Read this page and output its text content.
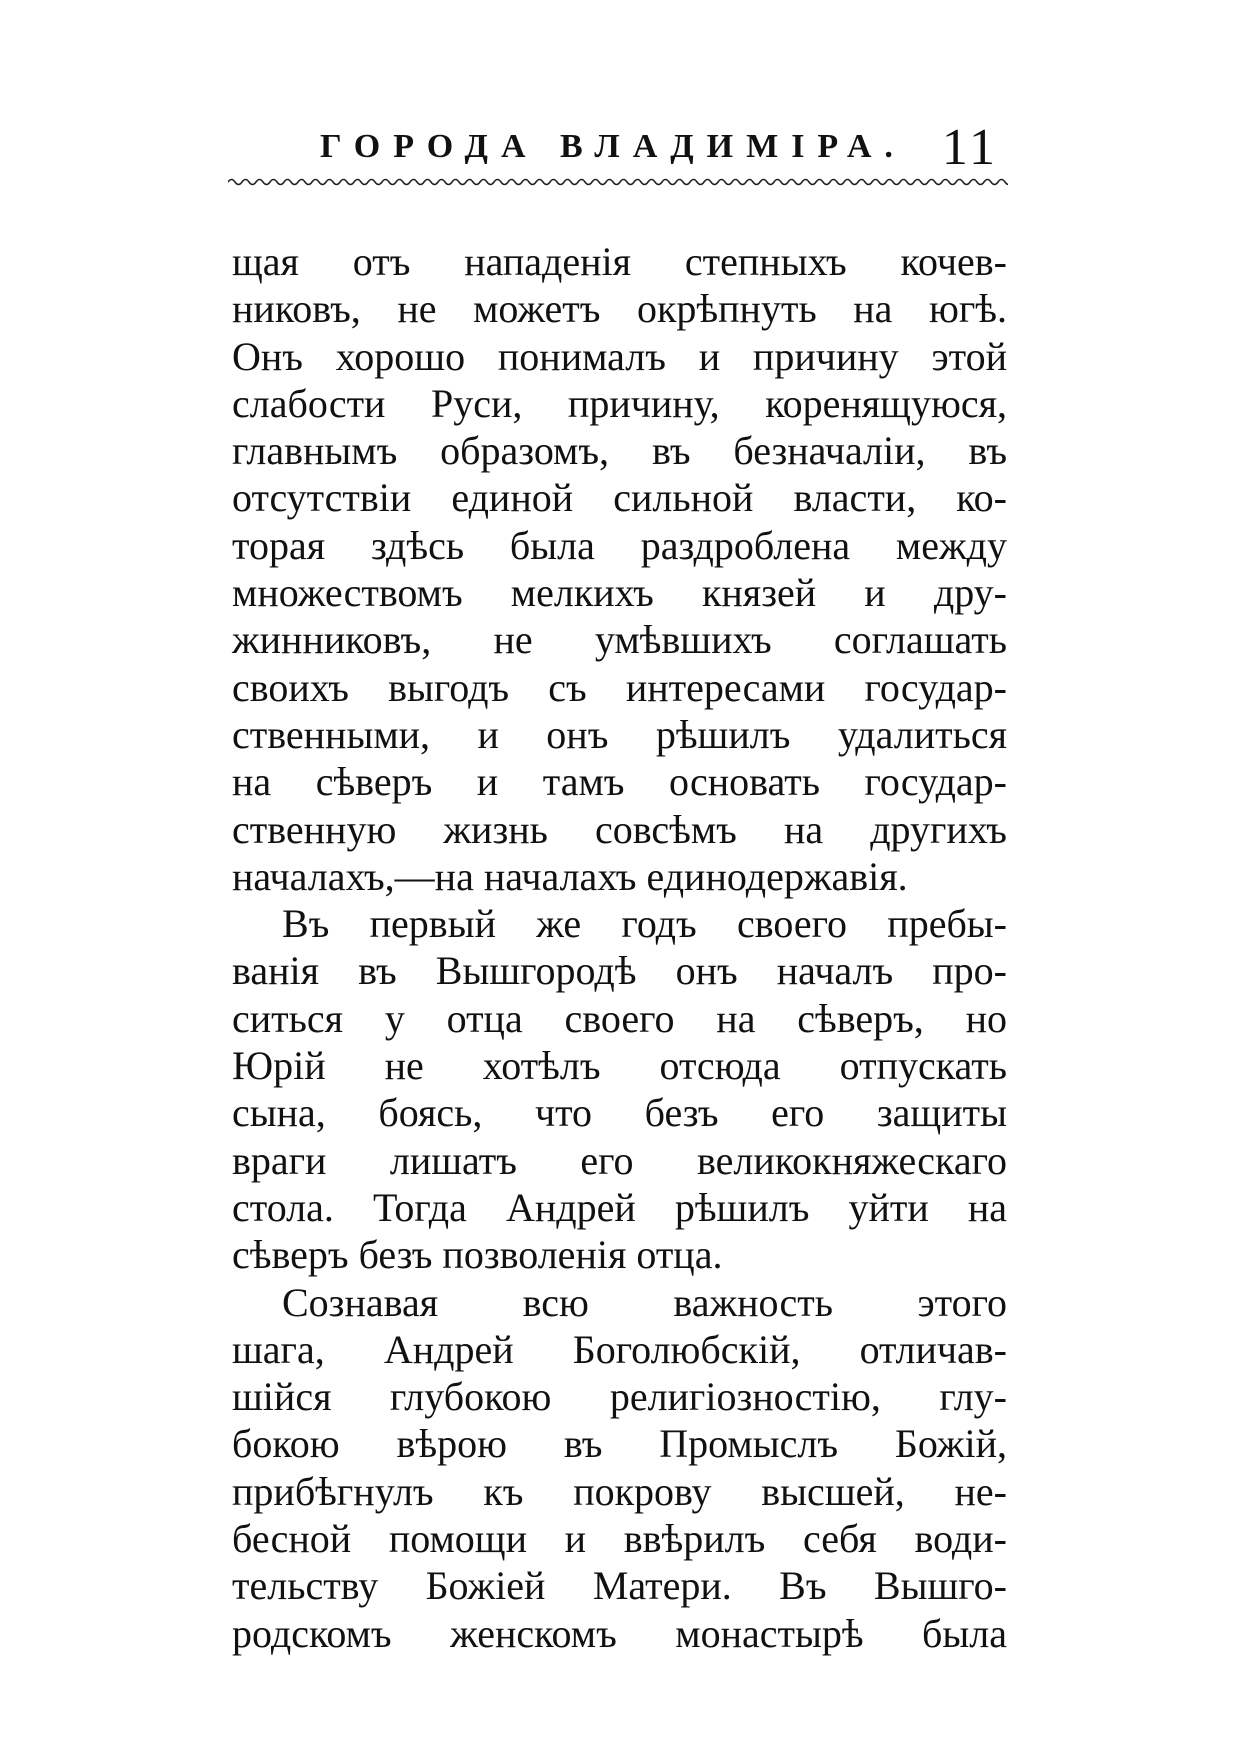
ГОРОДА ВЛАДИМІРА. 11
щая отъ нападенія степныхъ кочев-
никовъ, не можетъ окрѣпнуть на югѣ.
Онъ хорошо понималъ и причину этой
слабости Руси, причину, коренящуюся,
главнымъ образомъ, въ безначаліи, въ
отсутствіи единой сильной власти, ко-
торая здѣсь была раздроблена между
множествомъ мелкихъ князей и дру-
жинниковъ, не умѣвшихъ соглашать
своихъ выгодъ съ интересами государ-
ственными, и онъ рѣшилъ удалиться
на сѣверъ и тамъ основать государ-
ственную жизнь совсѣмъ на другихъ
началахъ,—на началахъ единодержавія.
Въ первый же годъ своего пребы-
ванія въ Вышгородѣ онъ началъ про-
ситься у отца своего на сѣверъ, но
Юрій не хотѣлъ отсюда отпускать
сына, боясь, что безъ его защиты
враги лишатъ его великокняжескаго
стола. Тогда Андрей рѣшилъ уйти на
сѣверъ безъ позволенія отца.
Сознавая всю важность этого
шага, Андрей Боголюбскій, отличав-
шійся глубокою религіозностію, глу-
бокою вѣрою въ Промыслъ Божій,
прибѣгнулъ къ покрову высшей, не-
бесной помощи и ввѣрилъ себя води-
тельству Божіей Матери. Въ Вышго-
родскомъ женскомъ монастырѣ была
